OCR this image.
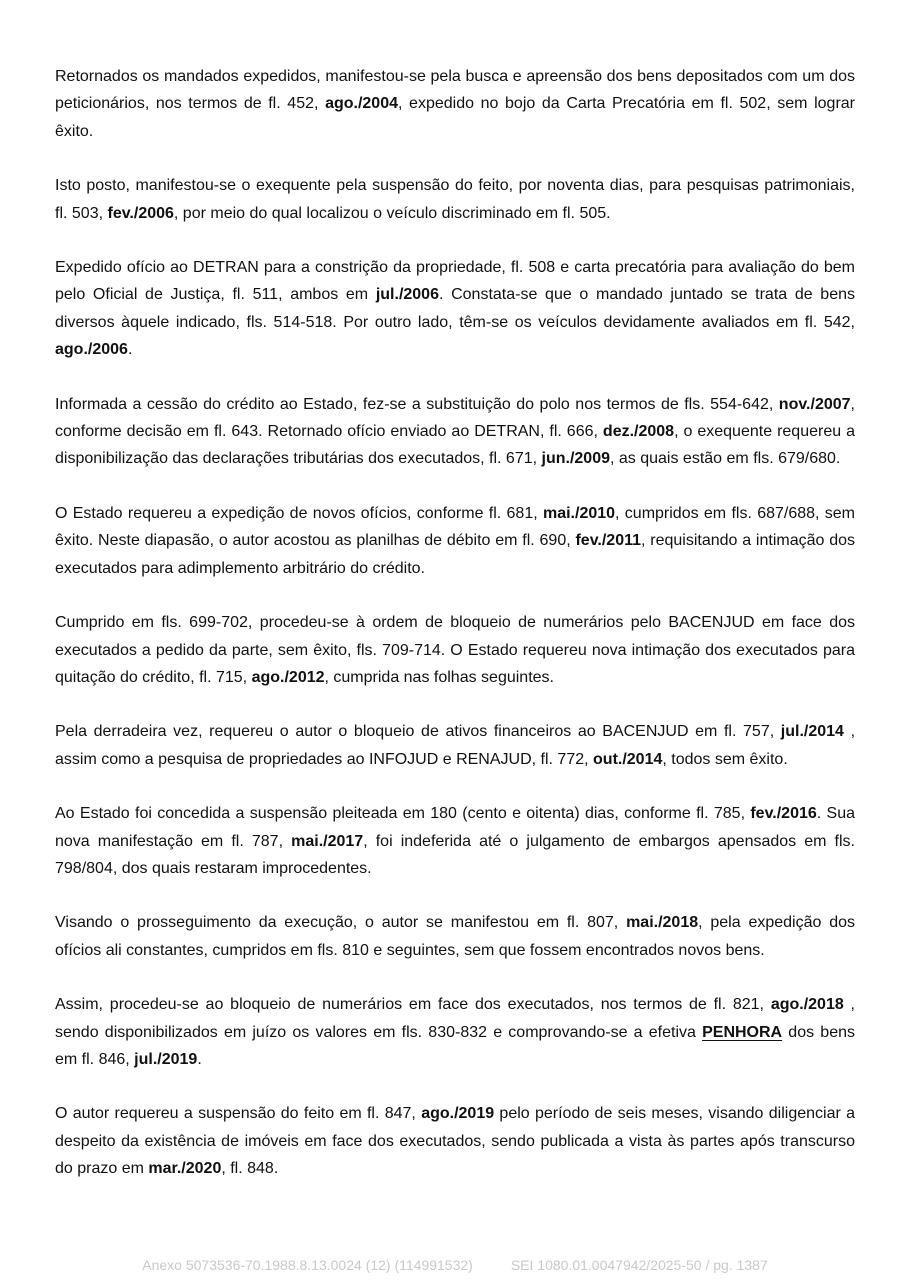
Retornados os mandados expedidos, manifestou-se pela busca e apreensão dos bens depositados com um dos peticionários, nos termos de fl. 452, ago./2004, expedido no bojo da Carta Precatória em fl. 502, sem lograr êxito.

Isto posto, manifestou-se o exequente pela suspensão do feito, por noventa dias, para pesquisas patrimoniais, fl. 503, fev./2006, por meio do qual localizou o veículo discriminado em fl. 505.

Expedido ofício ao DETRAN para a constrição da propriedade, fl. 508 e carta precatória para avaliação do bem pelo Oficial de Justiça, fl. 511, ambos em jul./2006. Constata-se que o mandado juntado se trata de bens diversos àquele indicado, fls. 514-518. Por outro lado, têm-se os veículos devidamente avaliados em fl. 542, ago./2006.

Informada a cessão do crédito ao Estado, fez-se a substituição do polo nos termos de fls. 554-642, nov./2007, conforme decisão em fl. 643. Retornado ofício enviado ao DETRAN, fl. 666, dez./2008, o exequente requereu a disponibilização das declarações tributárias dos executados, fl. 671, jun./2009, as quais estão em fls. 679/680.

O Estado requereu a expedição de novos ofícios, conforme fl. 681, mai./2010, cumpridos em fls. 687/688, sem êxito. Neste diapasão, o autor acostou as planilhas de débito em fl. 690, fev./2011, requisitando a intimação dos executados para adimplemento arbitrário do crédito.

Cumprido em fls. 699-702, procedeu-se à ordem de bloqueio de numerários pelo BACENJUD em face dos executados a pedido da parte, sem êxito, fls. 709-714. O Estado requereu nova intimação dos executados para quitação do crédito, fl. 715, ago./2012, cumprida nas folhas seguintes.

Pela derradeira vez, requereu o autor o bloqueio de ativos financeiros ao BACENJUD em fl. 757, jul./2014 , assim como a pesquisa de propriedades ao INFOJUD e RENAJUD, fl. 772, out./2014, todos sem êxito.

Ao Estado foi concedida a suspensão pleiteada em 180 (cento e oitenta) dias, conforme fl. 785, fev./2016. Sua nova manifestação em fl. 787, mai./2017, foi indeferida até o julgamento de embargos apensados em fls. 798/804, dos quais restaram improcedentes.

Visando o prosseguimento da execução, o autor se manifestou em fl. 807, mai./2018, pela expedição dos ofícios ali constantes, cumpridos em fls. 810 e seguintes, sem que fossem encontrados novos bens.

Assim, procedeu-se ao bloqueio de numerários em face dos executados, nos termos de fl. 821, ago./2018 , sendo disponibilizados em juízo os valores em fls. 830-832 e comprovando-se a efetiva PENHORA dos bens em fl. 846, jul./2019.

O autor requereu a suspensão do feito em fl. 847, ago./2019 pelo período de seis meses, visando diligenciar a despeito da existência de imóveis em face dos executados, sendo publicada a vista às partes após transcurso do prazo em mar./2020, fl. 848.

Anexo 5073536-70.1988.8.13.0024 (12) (114991532)	SEI 1080.01.0047942/2025-50 / pg. 1387
